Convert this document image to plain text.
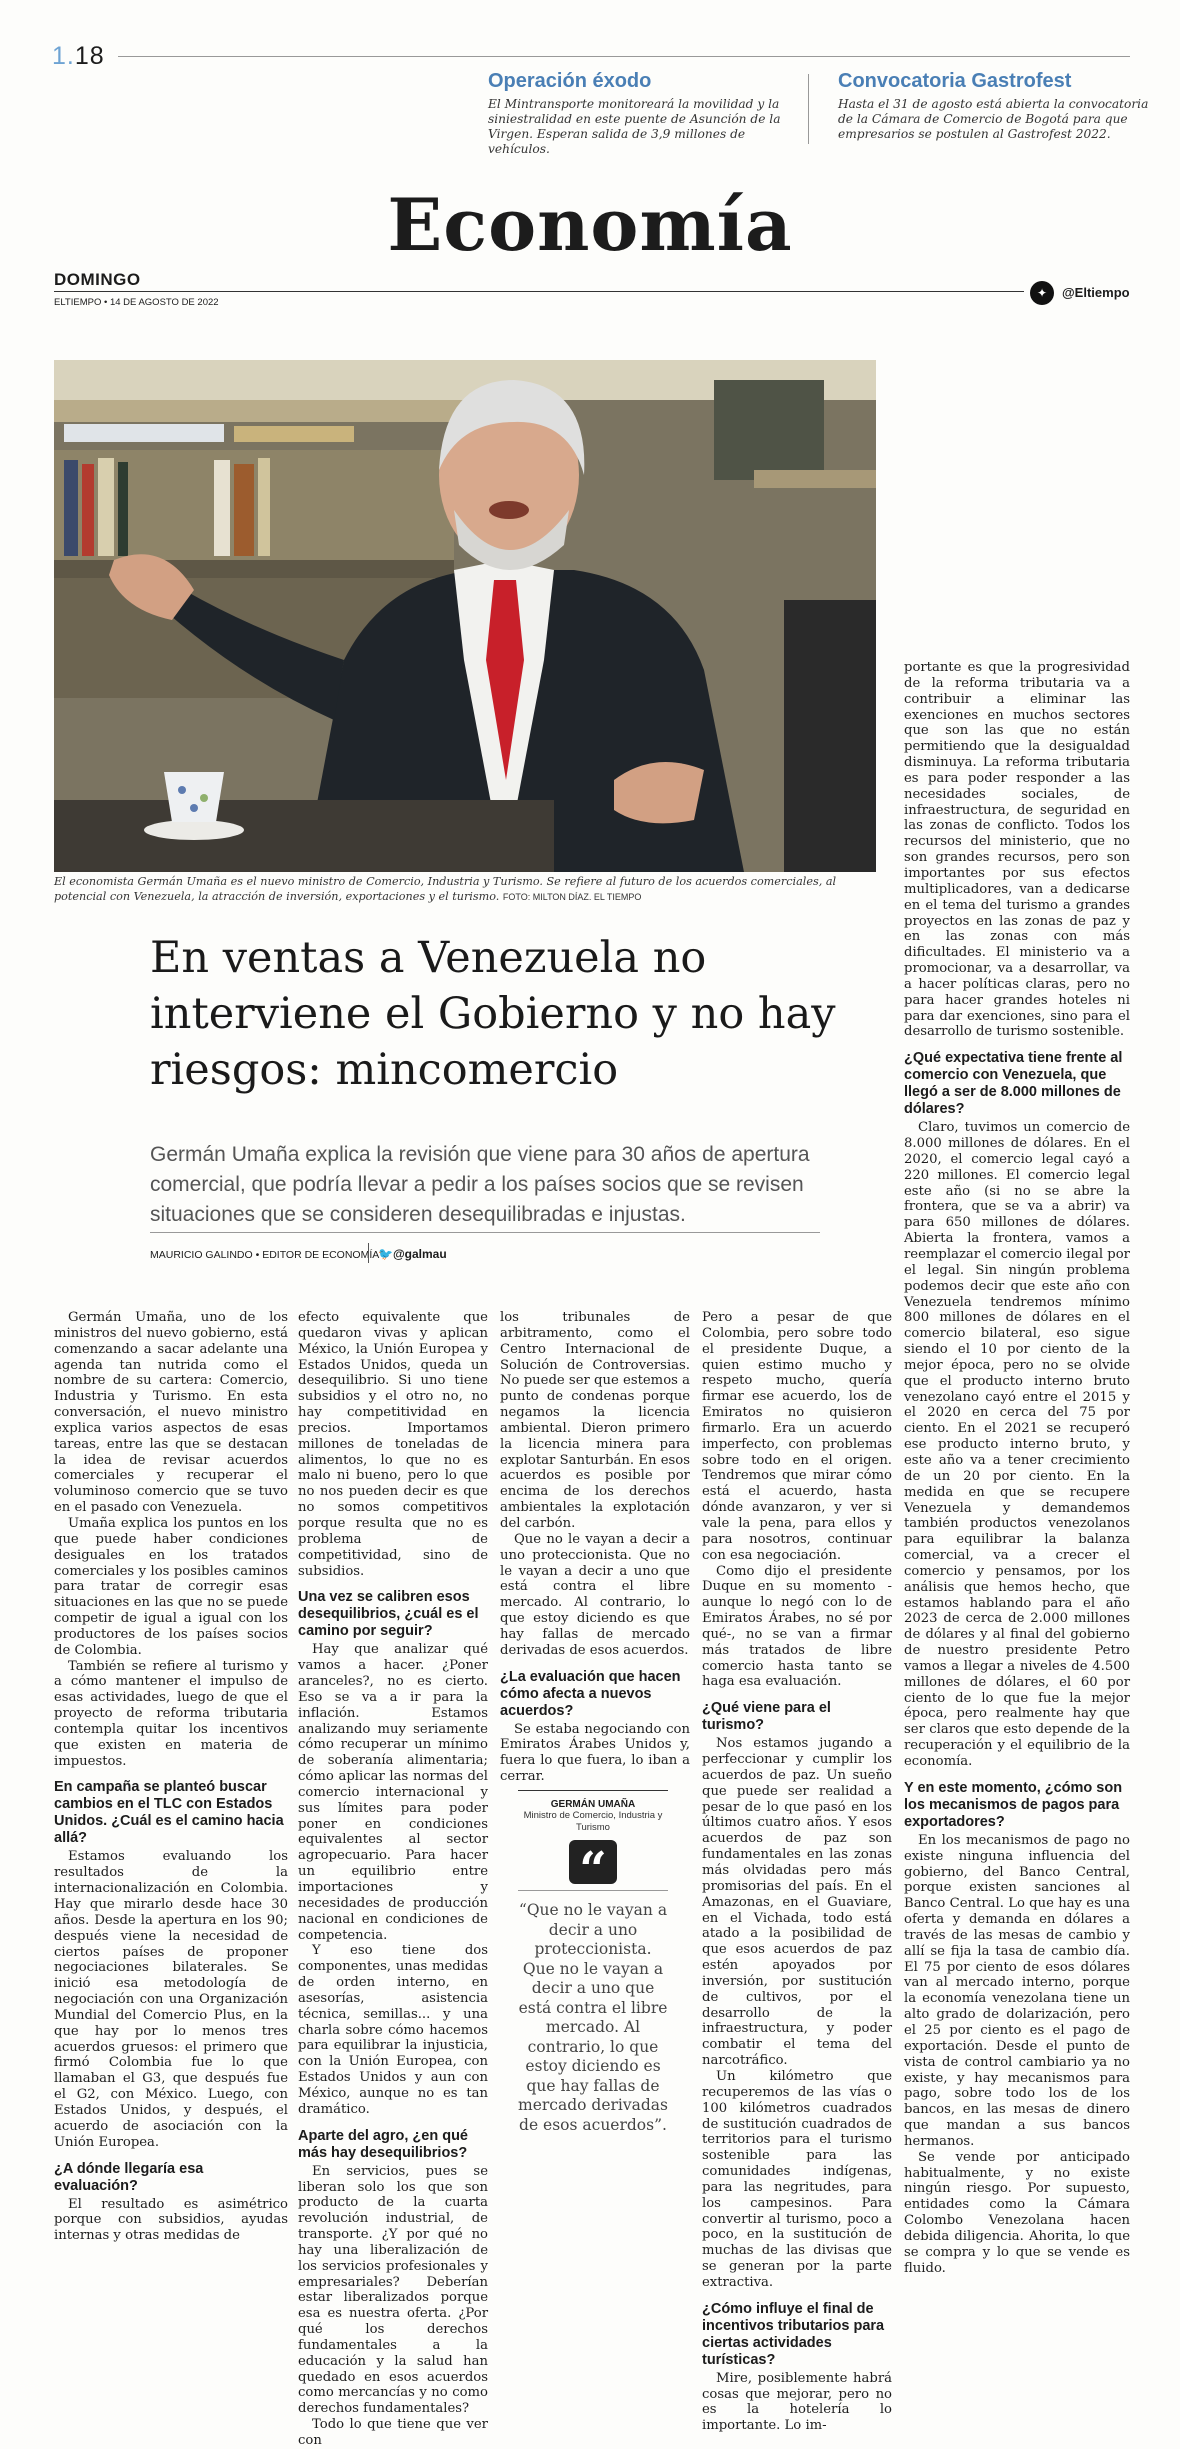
1.18
Operación éxodo

El Mintransporte monitoreará la movilidad y la siniestralidad en este puente de Asunción de la Virgen. Esperan salida de 3,9 millones de vehículos.

Convocatoria Gastrofest

Hasta el 31 de agosto está abierta la convocatoria de la Cámara de Comercio de Bogotá para que empresarios se postulen al Gastrofest 2022.

Economía
DOMINGO
ELTIEMPO • 14 DE AGOSTO DE 2022
✦	@Eltiempo

El economista Germán Umaña es el nuevo ministro de Comercio, Industria y Turismo. Se refiere al futuro de los acuerdos comerciales, al potencial con Venezuela, la atracción de inversión, exportaciones y el turismo. FOTO: MILTON DÍAZ. EL TIEMPO

En ventas a Venezuela no interviene el Gobierno y no hay riesgos: mincomercio

Germán Umaña explica la revisión que viene para 30 años de apertura comercial, que podría llevar a pedir a los países socios que se revisen situaciones que se consideren desequilibradas e injustas.

MAURICIO GALINDO • EDITOR DE ECONOMÍA
🐦@galmau

Germán Umaña, uno de los ministros del nuevo gobierno, está comenzando a sacar adelante una agenda tan nutrida como el nombre de su cartera: Comercio, Industria y Turismo. En esta conversación, el nuevo ministro explica varios aspectos de esas tareas, entre las que se destacan la idea de revisar acuerdos comerciales y recuperar el voluminoso comercio que se tuvo en el pasado con Venezuela.

Umaña explica los puntos en los que puede haber condiciones desiguales en los tratados comerciales y los posibles caminos para tratar de corregir esas situaciones en las que no se puede competir de igual a igual con los productores de los países socios de Colombia.

También se refiere al turismo y a cómo mantener el impulso de esas actividades, luego de que el proyecto de reforma tributaria contempla quitar los incentivos que existen en materia de impuestos.

En campaña se planteó buscar cambios en el TLC con Estados Unidos. ¿Cuál es el camino hacia allá?

Estamos evaluando los resultados de la internacionalización en Colombia. Hay que mirarlo desde hace 30 años. Desde la apertura en los 90; después viene la necesidad de ciertos países de proponer negociaciones bilaterales. Se inició esa metodología de negociación con una Organización Mundial del Comercio Plus, en la que hay por lo menos tres acuerdos gruesos: el primero que firmó Colombia fue lo que llamaban el G3, que después fue el G2, con México. Luego, con Estados Unidos, y después, el acuerdo de asociación con la Unión Europea.

¿A dónde llegaría esa evaluación?

El resultado es asimétrico porque con subsidios, ayudas internas y otras medidas de

efecto equivalente que quedaron vivas y aplican México, la Unión Europea y Estados Unidos, queda un desequilibrio. Si uno tiene subsidios y el otro no, no hay competitividad en precios. Importamos millones de toneladas de alimentos, lo que no es malo ni bueno, pero lo que no nos pueden decir es que no somos competitivos porque resulta que no es problema de competitividad, sino de subsidios.

Una vez se calibren esos desequilibrios, ¿cuál es el camino por seguir?

Hay que analizar qué vamos a hacer. ¿Poner aranceles?, no es cierto. Eso se va a ir para la inflación. Estamos analizando muy seriamente cómo recuperar un mínimo de soberanía alimentaria; cómo aplicar las normas del comercio internacional y sus límites para poder poner en condiciones equivalentes al sector agropecuario. Para hacer un equilibrio entre importaciones y necesidades de producción nacional en condiciones de competencia.

Y eso tiene dos componentes, unas medidas de orden interno, en asesorías, asistencia técnica, semillas... y una charla sobre cómo hacemos para equilibrar la injusticia, con la Unión Europea, con Estados Unidos y aun con México, aunque no es tan dramático.

Aparte del agro, ¿en qué más hay desequilibrios?

En servicios, pues se liberan solo los que son producto de la cuarta revolución industrial, de transporte. ¿Y por qué no hay una liberalización de los servicios profesionales y empresariales? Deberían estar liberalizados porque esa es nuestra oferta. ¿Por qué los derechos fundamentales a la educación y la salud han quedado en esos acuerdos como mercancías y no como derechos fundamentales?

Todo lo que tiene que ver con

los tribunales de arbitramento, como el Centro Internacional de Solución de Controversias. No puede ser que estemos a punto de condenas porque negamos la licencia ambiental. Dieron primero la licencia minera para explotar Santurbán. En esos acuerdos es posible por encima de los derechos ambientales la explotación del carbón.

Que no le vayan a decir a uno proteccionista. Que no le vayan a decir a uno que está contra el libre mercado. Al contrario, lo que estoy diciendo es que hay fallas de mercado derivadas de esos acuerdos.

¿La evaluación que hacen cómo afecta a nuevos acuerdos?

Se estaba negociando con Emiratos Árabes Unidos y, fuera lo que fuera, lo iban a cerrar.

GERMÁN UMAÑA
Ministro de Comercio, Industria y Turismo
“
“Que no le vayan a decir a uno proteccionista. Que no le vayan a decir a uno que está contra el libre mercado. Al contrario, lo que estoy diciendo es que hay fallas de mercado derivadas de esos acuerdos”.

Pero a pesar de que Colombia, pero sobre todo el presidente Duque, a quien estimo mucho y respeto mucho, quería firmar ese acuerdo, los de Emiratos no quisieron firmarlo. Era un acuerdo imperfecto, con problemas sobre todo en el origen. Tendremos que mirar cómo está el acuerdo, hasta dónde avanzaron, y ver si vale la pena, para ellos y para nosotros, continuar con esa negociación.

Como dijo el presidente Duque en su momento -aunque lo negó con lo de Emiratos Árabes, no sé por qué-, no se van a firmar más tratados de libre comercio hasta tanto se haga esa evaluación.

¿Qué viene para el turismo?

Nos estamos jugando a perfeccionar y cumplir los acuerdos de paz. Un sueño que puede ser realidad a pesar de lo que pasó en los últimos cuatro años. Y esos acuerdos de paz son fundamentales en las zonas más olvidadas pero más promisorias del país. En el Amazonas, en el Guaviare, en el Vichada, todo está atado a la posibilidad de que esos acuerdos de paz estén apoyados por inversión, por sustitución de cultivos, por el desarrollo de la infraestructura, y poder combatir el tema del narcotráfico.

Un kilómetro que recuperemos de las vías o 100 kilómetros cuadrados de sustitución cuadrados de territorios para el turismo sostenible para las comunidades indígenas, para las negritudes, para los campesinos. Para convertir al turismo, poco a poco, en la sustitución de muchas de las divisas que se generan por la parte extractiva.

¿Cómo influye el final de incentivos tributarios para ciertas actividades turísticas?

Mire, posiblemente habrá cosas que mejorar, pero no es la hotelería lo importante. Lo im-

portante es que la progresividad de la reforma tributaria va a contribuir a eliminar las exenciones en muchos sectores que son las que no están permitiendo que la desigualdad disminuya. La reforma tributaria es para poder responder a las necesidades sociales, de infraestructura, de seguridad en las zonas de conflicto. Todos los recursos del ministerio, que no son grandes recursos, pero son importantes por sus efectos multiplicadores, van a dedicarse en el tema del turismo a grandes proyectos en las zonas de paz y en las zonas con más dificultades. El ministerio va a promocionar, va a desarrollar, va a hacer políticas claras, pero no para hacer grandes hoteles ni para dar exenciones, sino para el desarrollo de turismo sostenible.

¿Qué expectativa tiene frente al comercio con Venezuela, que llegó a ser de 8.000 millones de dólares?

Claro, tuvimos un comercio de 8.000 millones de dólares. En el 2020, el comercio legal cayó a 220 millones. El comercio legal este año (si no se abre la frontera, que se va a abrir) va para 650 millones de dólares. Abierta la frontera, vamos a reemplazar el comercio ilegal por el legal. Sin ningún problema podemos decir que este año con Venezuela tendremos mínimo 800 millones de dólares en el comercio bilateral, eso sigue siendo el 10 por ciento de la mejor época, pero no se olvide que el producto interno bruto venezolano cayó entre el 2015 y el 2020 en cerca del 75 por ciento. En el 2021 se recuperó ese producto interno bruto, y este año va a tener crecimiento de un 20 por ciento. En la medida en que se recupere Venezuela y demandemos también productos venezolanos para equilibrar la balanza comercial, va a crecer el comercio y pensamos, por los análisis que hemos hecho, que estamos hablando para el año 2023 de cerca de 2.000 millones de dólares y al final del gobierno de nuestro presidente Petro vamos a llegar a niveles de 4.500 millones de dólares, el 60 por ciento de lo que fue la mejor época, pero realmente hay que ser claros que esto depende de la recuperación y el equilibrio de la economía.

Y en este momento, ¿cómo son los mecanismos de pagos para exportadores?

En los mecanismos de pago no existe ninguna influencia del gobierno, del Banco Central, porque existen sanciones al Banco Central. Lo que hay es una oferta y demanda en dólares a través de las mesas de cambio y allí se fija la tasa de cambio día. El 75 por ciento de esos dólares van al mercado interno, porque la economía venezolana tiene un alto grado de dolarización, pero el 25 por ciento es el pago de exportación. Desde el punto de vista de control cambiario ya no existe, y hay mecanismos para pago, sobre todo los de los bancos, en las mesas de dinero que mandan a sus bancos hermanos.

Se vende por anticipado habitualmente, y no existe ningún riesgo. Por supuesto, entidades como la Cámara Colombo Venezolana hacen debida diligencia. Ahorita, lo que se compra y lo que se vende es fluido.
